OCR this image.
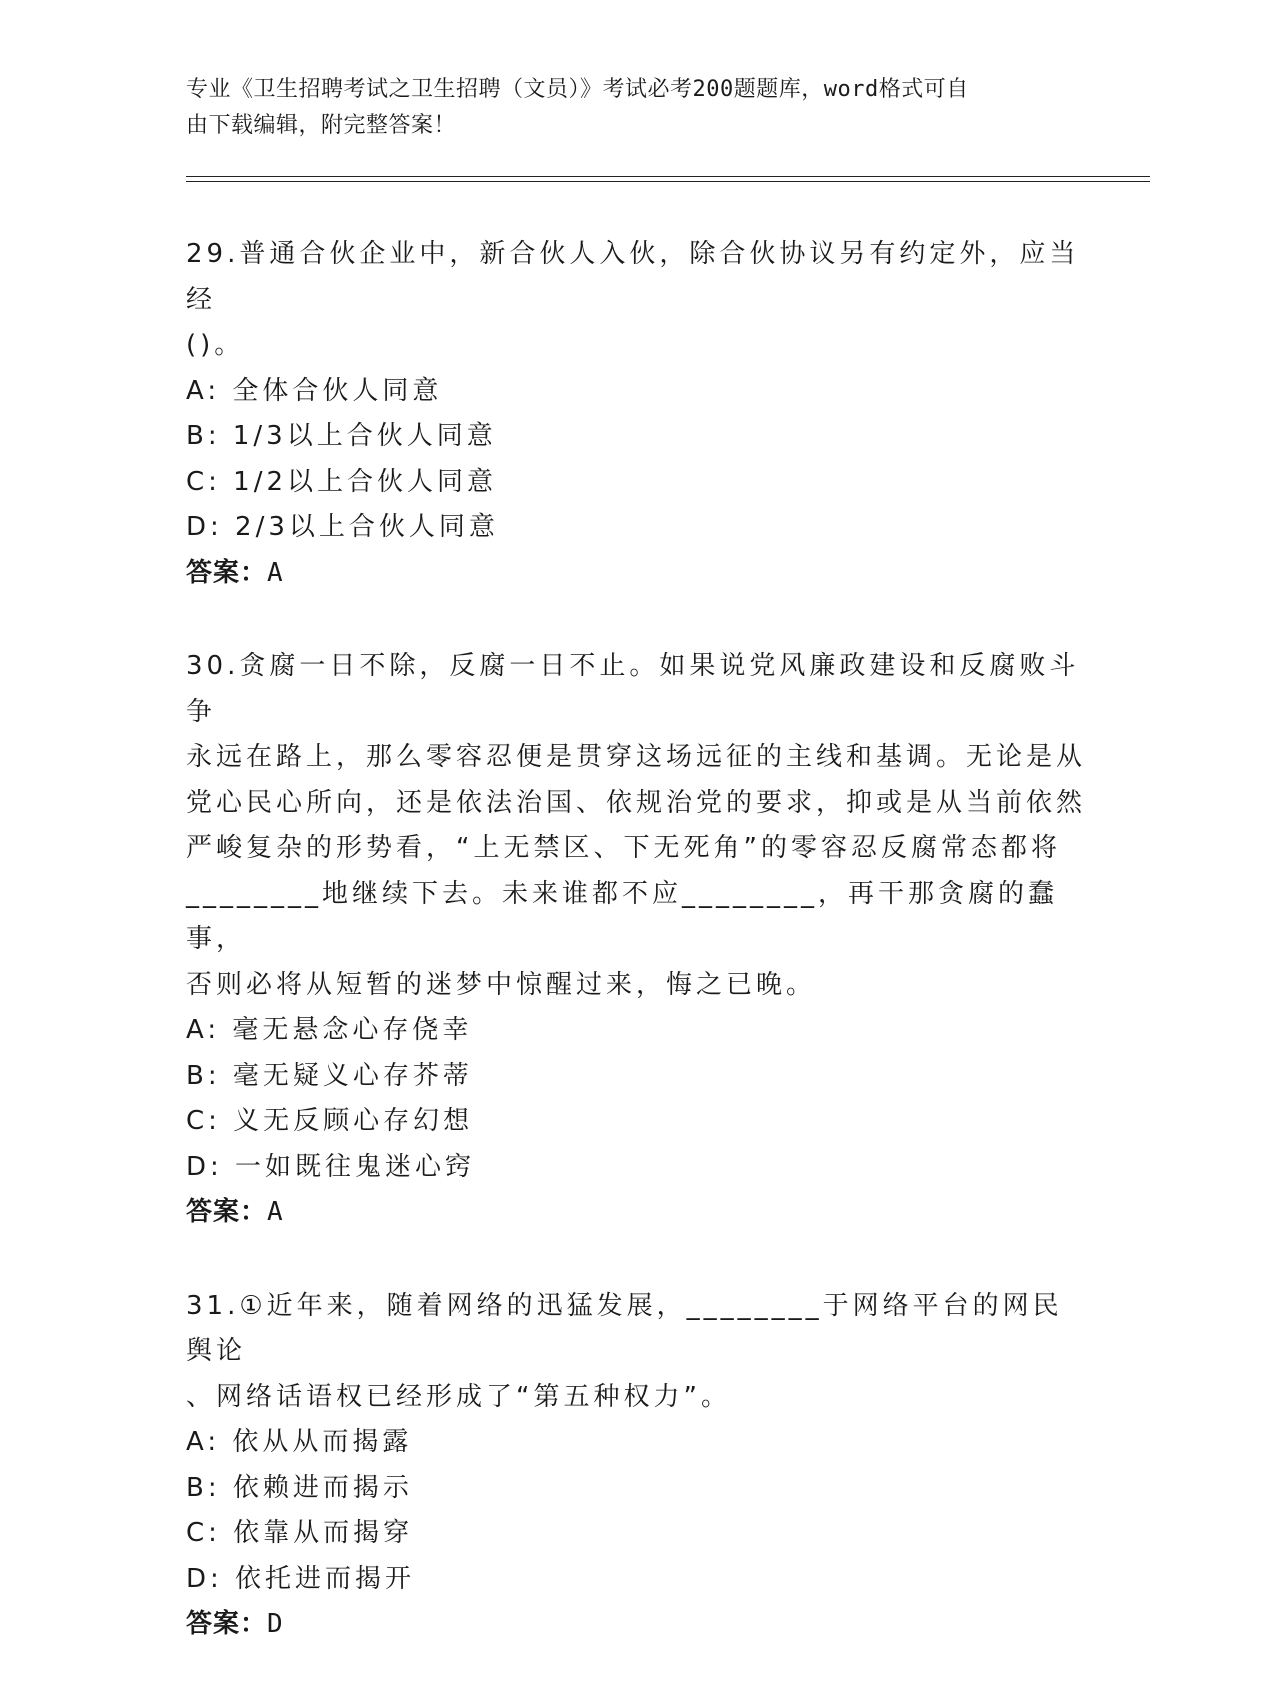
专业《卫生招聘考试之卫生招聘（文员）》考试必考200题题库，word格式可自
由下载编辑，附完整答案！

29.普通合伙企业中，新合伙人入伙，除合伙协议另有约定外，应当经

()。

A: 全体合伙人同意

B: 1/3以上合伙人同意

C: 1/2以上合伙人同意

D: 2/3以上合伙人同意

答案：A

30.贪腐一日不除，反腐一日不止。如果说党风廉政建设和反腐败斗争

永远在路上，那么零容忍便是贯穿这场远征的主线和基调。无论是从

党心民心所向，还是依法治国、依规治党的要求，抑或是从当前依然

严峻复杂的形势看，“上无禁区、下无死角”的零容忍反腐常态都将

________地继续下去。未来谁都不应________，再干那贪腐的蠢事，

否则必将从短暂的迷梦中惊醒过来，悔之已晚。

A: 毫无悬念心存侥幸

B: 毫无疑义心存芥蒂

C: 义无反顾心存幻想

D: 一如既往鬼迷心窍

答案：A

31.①近年来，随着网络的迅猛发展，________于网络平台的网民舆论

、网络话语权已经形成了“第五种权力”。

A: 依从从而揭露

B: 依赖进而揭示

C: 依靠从而揭穿

D: 依托进而揭开

答案：D
